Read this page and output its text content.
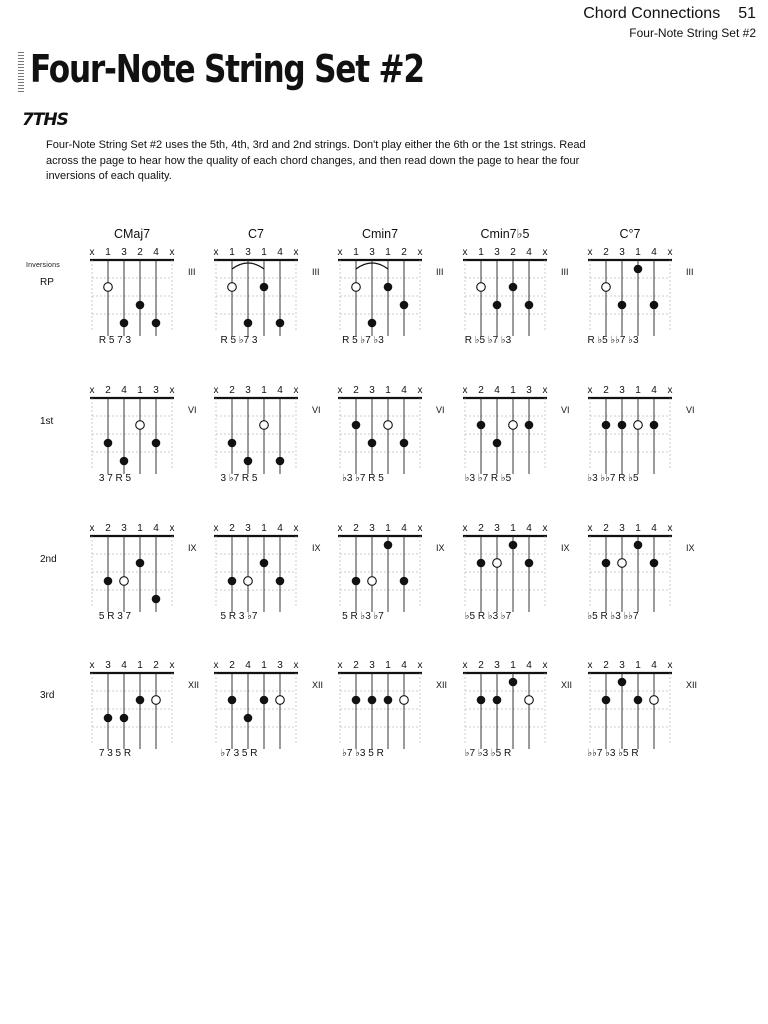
Chord Connections 51
Four-Note String Set #2
Four-Note String Set #2
7THS

Four-Note String Set #2 uses the 5th, 4th, 3rd and 2nd strings. Don't play either the 6th or the 1st strings. Read across the page to hear how the quality of each chord changes, and then read down the page to hear the four inversions of each quality.

Inversions
CMaj7	C7	Cmin7	Cmin7♭5	C°7
RP
x 1 3 2 4 x
III
R 5 7 3
x 1 3 1 4 x
III
R 5 ♭7 3
x 1 3 1 2 x
III
R 5 ♭7 ♭3
x 1 3 2 4 x
III
R ♭5 ♭7 ♭3
x 2 3 1 4 x
III
R ♭5 ♭♭7 ♭3
1st
x 2 4 1 3 x
VI
3 7 R 5
x 2 3 1 4 x
VI
3 ♭7 R 5
x 2 3 1 4 x
VI
♭3 ♭7 R 5
x 2 4 1 3 x
VI
♭3 ♭7 R ♭5
x 2 3 1 4 x
VI
♭3 ♭♭7 R ♭5
2nd
x 2 3 1 4 x
IX
5 R 3 7
x 2 3 1 4 x
IX
5 R 3 ♭7
x 2 3 1 4 x
IX
5 R ♭3 ♭7
x 2 3 1 4 x
IX
♭5 R ♭3 ♭7
x 2 3 1 4 x
IX
♭5 R ♭3 ♭♭7
3rd
x 3 4 1 2 x
XII
7 3 5 R
x 2 4 1 3 x
XII
♭7 3 5 R
x 2 3 1 4 x
XII
♭7 ♭3 5 R
x 2 3 1 4 x
XII
♭7 ♭3 ♭5 R
x 2 3 1 4 x
XII
♭♭7 ♭3 ♭5 R
